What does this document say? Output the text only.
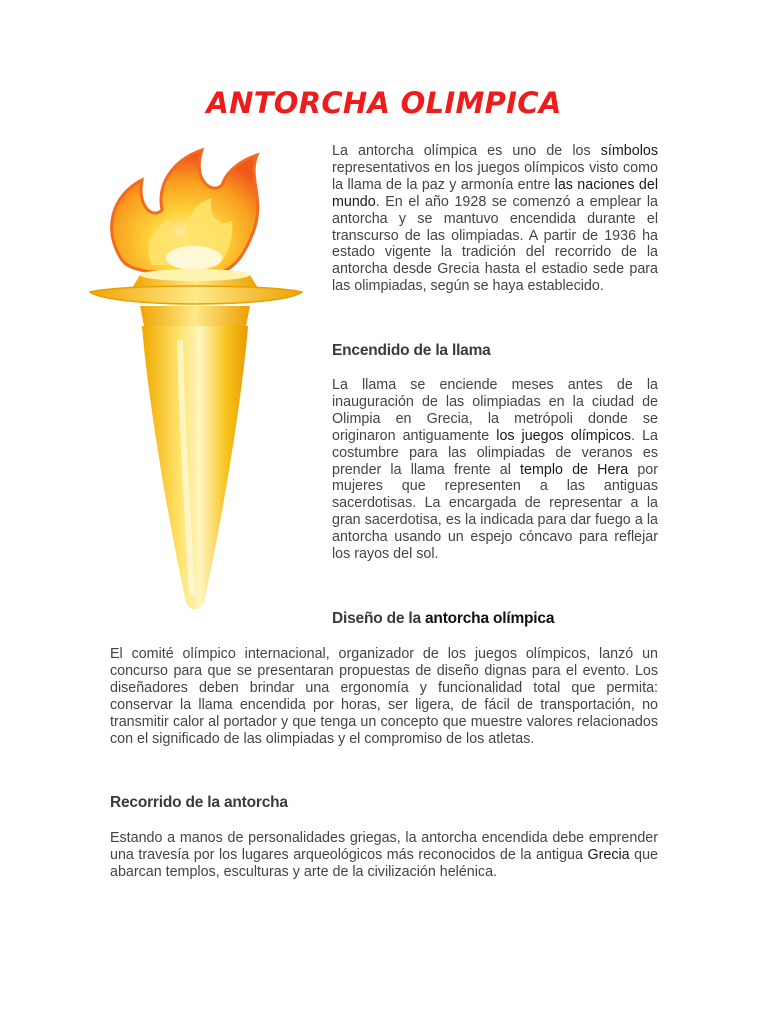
ANTORCHA OLIMPICA

La antorcha olímpica es uno de los símbolos representativos en los juegos olímpicos visto como la llama de la paz y armonía entre las naciones del mundo. En el año 1928 se comenzó a emplear la antorcha y se mantuvo encendida durante el transcurso de las olimpiadas. A partir de 1936 ha estado vigente la tradición del recorrido de la antorcha desde Grecia hasta el estadio sede para las olimpiadas, según se haya establecido.

Encendido de la llama

La llama se enciende meses antes de la inauguración de las olimpiadas en la ciudad de Olimpia en Grecia, la metrópoli donde se originaron antiguamente los juegos olímpicos. La costumbre para las olimpiadas de veranos es prender la llama frente al templo de Hera por mujeres que representen a las antiguas sacerdotisas. La encargada de representar a la gran sacerdotisa, es la indicada para dar fuego a la antorcha usando un espejo cóncavo para reflejar los rayos del sol.

Diseño de la antorcha olímpica

El comité olímpico internacional, organizador de los juegos olímpicos, lanzó un concurso para que se presentaran propuestas de diseño dignas para el evento. Los diseñadores deben brindar una ergonomía y funcionalidad total que permita: conservar la llama encendida por horas, ser ligera, de fácil de transportación, no transmitir calor al portador y que tenga un concepto que muestre valores relacionados con el significado de las olimpiadas y el compromiso de los atletas.

Recorrido de la antorcha

Estando a manos de personalidades griegas, la antorcha encendida debe emprender una travesía por los lugares arqueológicos más reconocidos de la antigua Grecia que abarcan templos, esculturas y arte de la civilización helénica.
